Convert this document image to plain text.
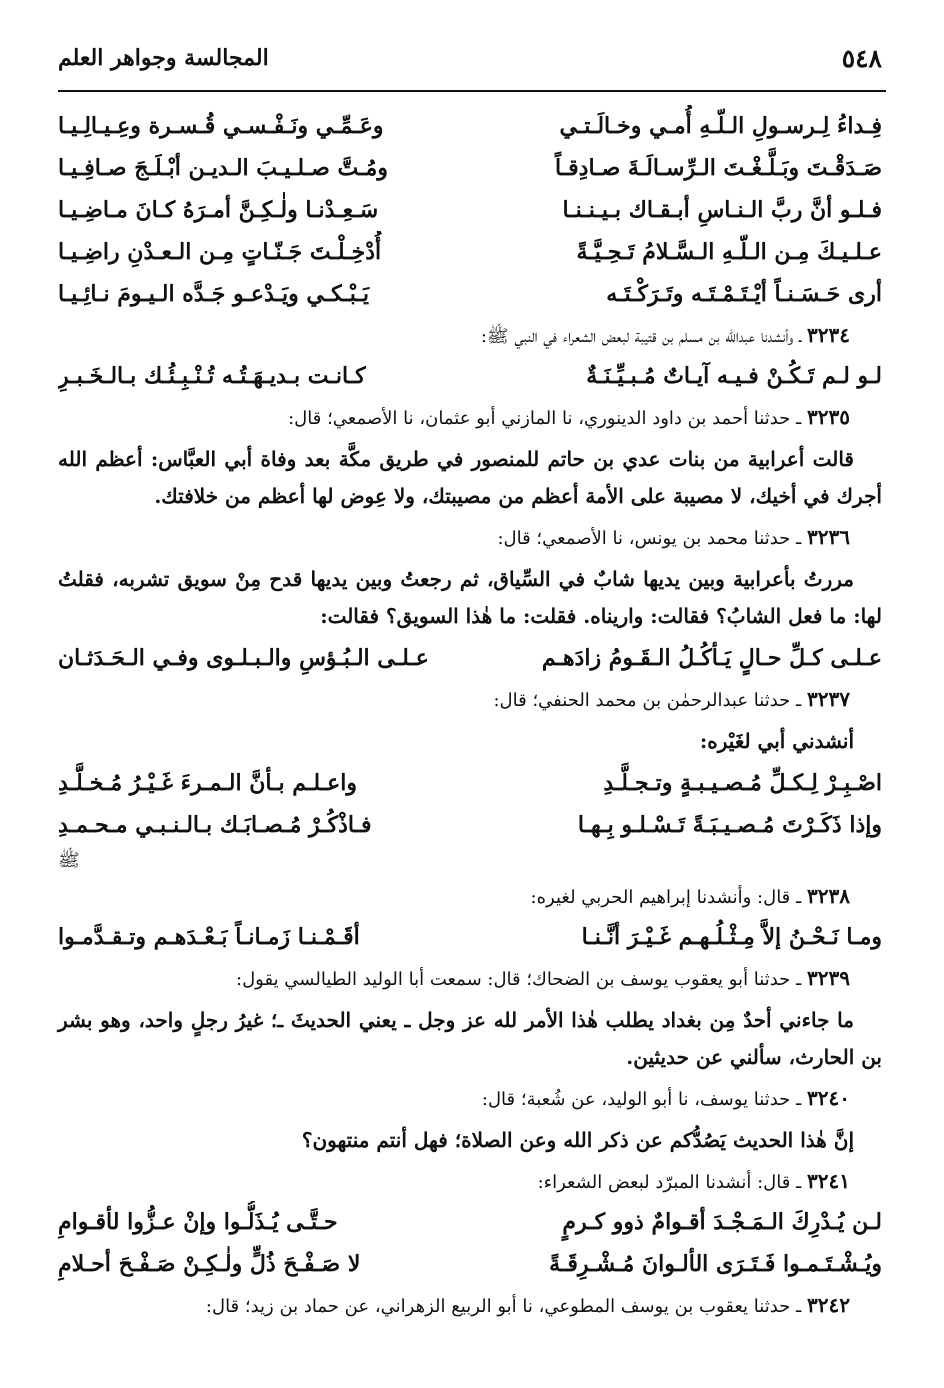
٥٤٨
المجالسة وجواهر العلم
فِـداءُ لِـرسـولِ الـلّـهِ أُمـي وخـالَـتـي
وعَـمِّـي ونَـفْـسـي قُـسـرة وعِـيـالِـيـا
صَـدَقْـتَ وبَـلَّـغْـتَ الـرِّسـالَـةَ صـادِقـاً
ومُـتَّ صـلـيـبَ الـديـن أبْـلَـجَ صـافِـيـا
فـلـو أنَّ ربَّ الـنـاسِ أبـقـاك بـيـنـنـا
سَـعِـدْنـا ولٰـكِـنَّ أمـرَهُ كـانَ مـاضِـيـا
عـلـيـكَ مِـن الـلّـهِ الـسَّـلامُ تَـحِـيَّـةً
أُدْخِـلْـتَ جَـنّـاتٍ مِـن الـعـدْنِ راضِـيـا
أرى حَـسَـنـاً أيْـتَـمْـتَـه وتَـرَكْـتَـه
يَـبْـكـي ويَـدْعـو جَـدَّه الـيـومَ نـائِـيـا
٣٢٣٤ ـ وأنشدنا عبدالله بن مسلم بن قتيبة لبعض الشعراء في النبي ﷺ:
لـو لـم تَـكُـنْ فـيـه آيـاتٌ مُـبـيِّـنَـةٌ
كـانـت بـديـهَـتُـه تُـنْـبِـئُـك بـالـخَـبـرِ
٣٢٣٥ ـ حدثنا أحمد بن داود الدينوري، نا المازني أبو عثمان، نا الأصمعي؛ قال:

قالت أعرابية من بنات عدي بن حاتم للمنصور في طريق مكَّة بعد وفاة أبي العبَّاس: أعظم الله أجرك في أخيك، لا مصيبة على الأمة أعظم من مصيبتك، ولا عِوض لها أعظم من خلافتك.

٣٢٣٦ ـ حدثنا محمد بن يونس، نا الأصمعي؛ قال:

مررتُ بأعرابية وبين يديها شابٌ في السِّياق، ثم رجعتُ وبين يديها قدح مِنْ سويق تشربه، فقلتُ لها: ما فعل الشابُ؟ فقالت: واريناه. فقلت: ما هٰذا السويق؟ فقالت:

عـلـى كـلِّ حـالٍ يَـأكُـلُ الـقَـومُ زادَهـم
عـلـى الـبُـؤسِ والـبـلـوى وفـي الـحَـدَثـان
٣٢٣٧ ـ حدثنا عبدالرحمٰن بن محمد الحنفي؛ قال:

أنشدني أبي لغَيْره:

اصْـبِـرْ لِـكـلِّ مُـصـيـبـةٍ وتـجـلَّـدِ
واعـلـم بـأنَّ الـمـرءَ غَـيْـرُ مُـخـلَّـدِ
وإذا ذَكَـرْتَ مُـصـيـبَـةً تَـسْـلـو بِـهـا
فـاذْكُـرْ مُـصـابَـك بـالـنـبـي مـحـمـدِ
ﷺ
٣٢٣٨ ـ قال: وأنشدنا إبراهيم الحربي لغيره:
ومـا نَـحْـنُ إلاَّ مِـثْـلُـهـم غَـيْـرَ أنَّـنـا
أقَـمْـنـا زَمـانـاً بَـعْـدَهـم وتـقـدَّمـوا
٣٢٣٩ ـ حدثنا أبو يعقوب يوسف بن الضحاك؛ قال: سمعت أبا الوليد الطيالسي يقول:

ما جاءني أحدٌ مِن بغداد يطلب هٰذا الأمر لله عز وجل ـ يعني الحديثَ ـ؛ غيرُ رجلٍ واحد، وهو بشر بن الحارث، سألني عن حديثين.

٣٢٤٠ ـ حدثنا يوسف، نا أبو الوليد، عن شُعبة؛ قال:

إنَّ هٰذا الحديث يَصُدُّكم عن ذكر الله وعن الصلاة؛ فهل أنتم منتهون؟

٣٢٤١ ـ قال: أنشدنا المبرّد لبعض الشعراء:
لـن يُـدْرِكَ الـمَـجْـدَ أقـوامٌ ذوو كـرمٍ
حـتَّـى يُـذَلُّـوا وإنْ عـزُّوا لأقـوامِ
ويُـشْـتَـمـوا فَـتَـرَى الألـوانَ مُـشْـرِقَـةً
لا صَـفْـحَ ذُلٍّ ولٰـكِـنْ صَـفْـحَ أحـلامِ
٣٢٤٢ ـ حدثنا يعقوب بن يوسف المطوعي، نا أبو الربيع الزهراني، عن حماد بن زيد؛ قال:
